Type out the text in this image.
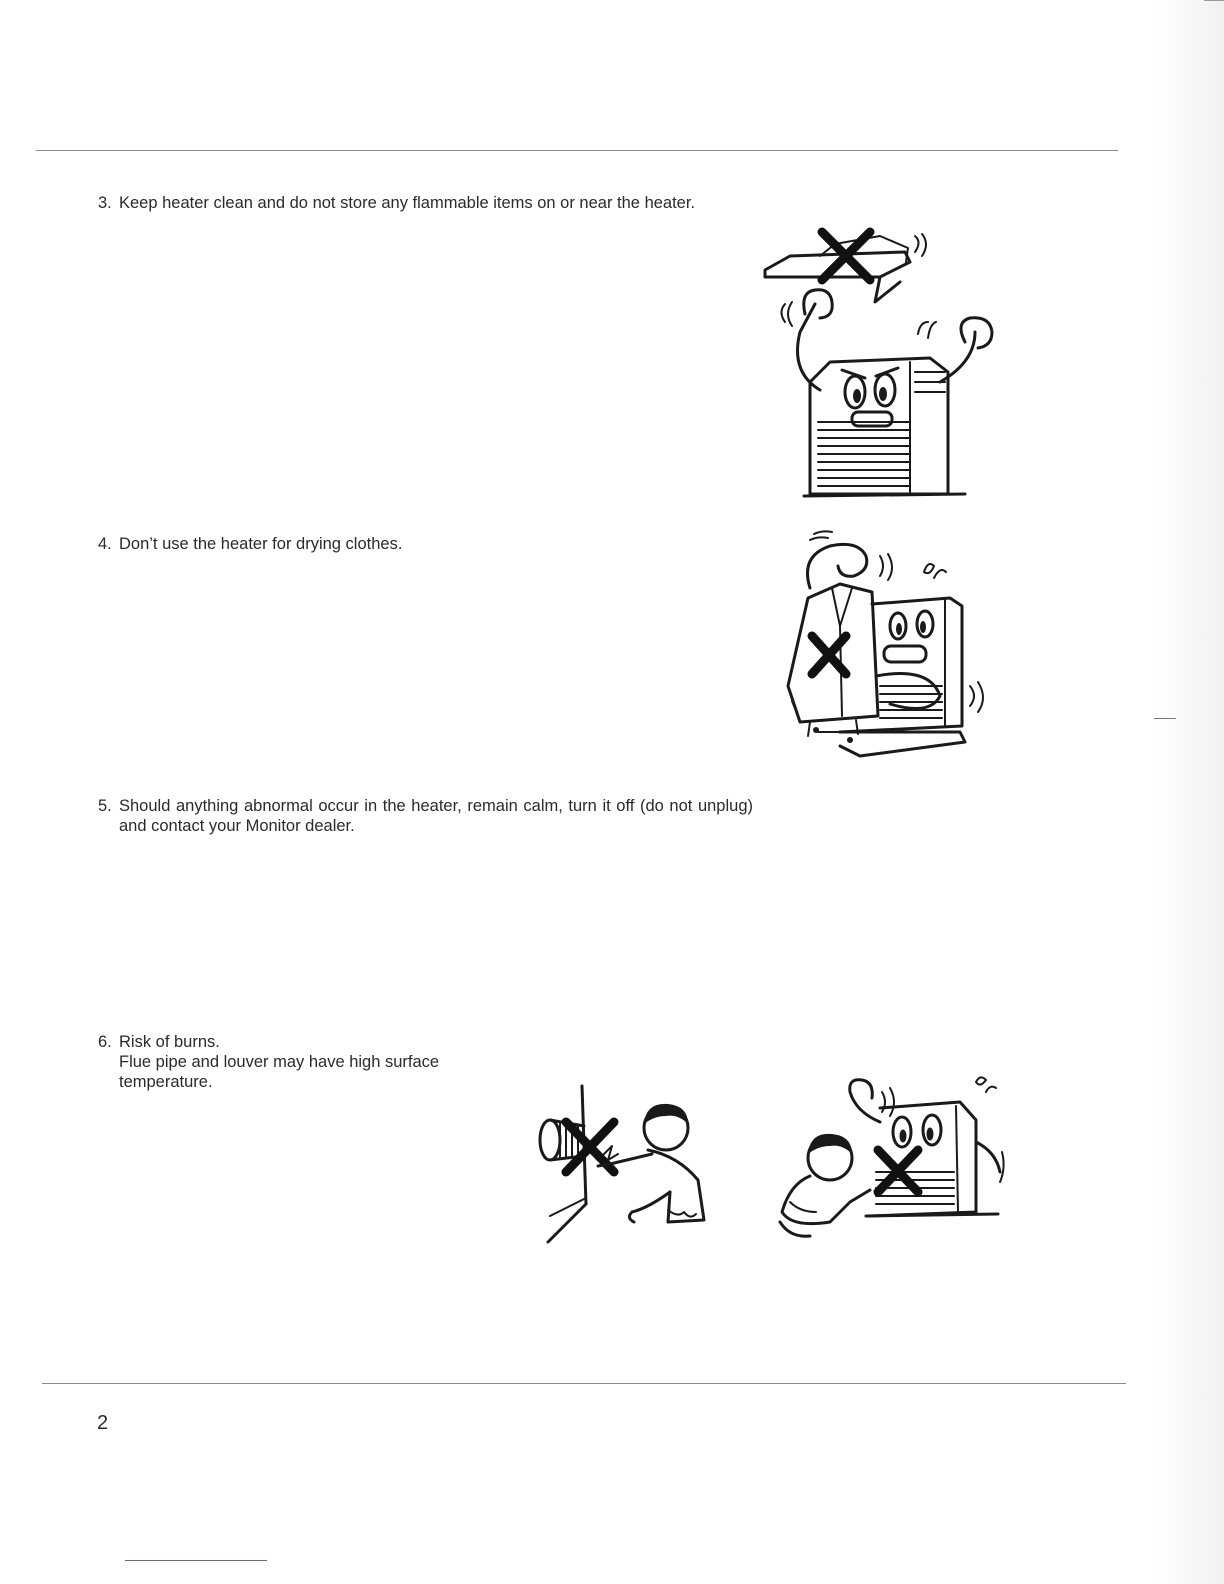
3. Keep heater clean and do not store any flammable items on or near the heater.
4. Don’t use the heater for drying clothes.
5. Should anything abnormal occur in the heater, remain calm, turn it off (do not unplug) and contact your Monitor dealer.
6. Risk of burns.
Flue pipe and louver may have high surface
temperature.
2
